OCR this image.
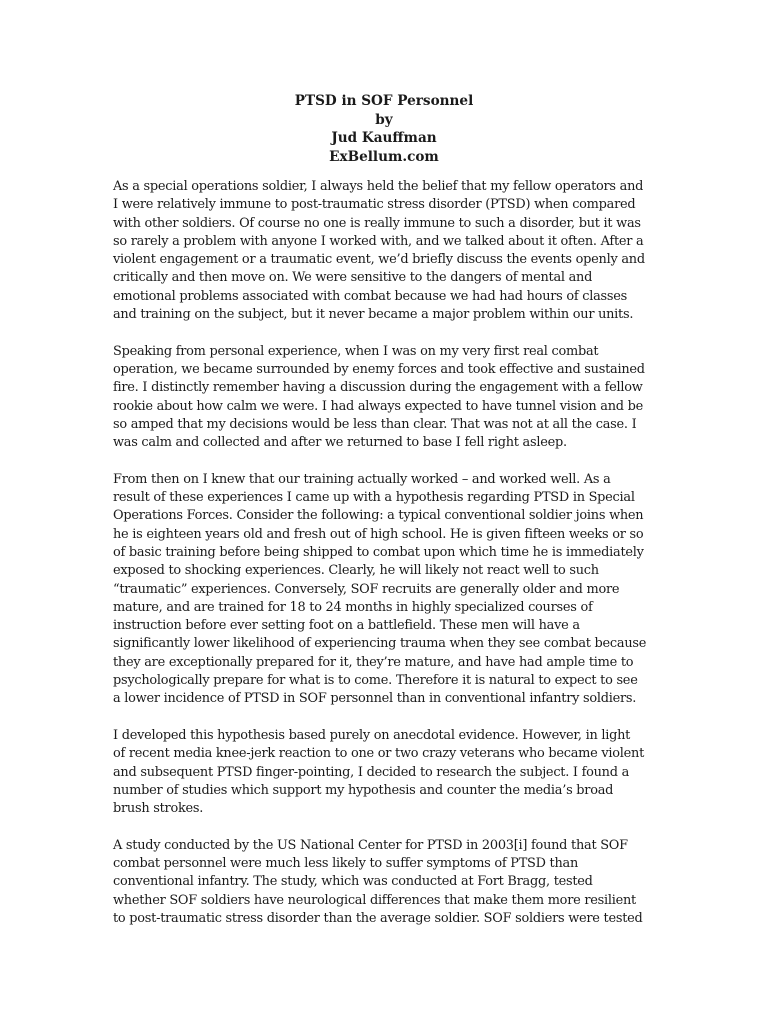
PTSD in SOF Personnel
by
Jud Kauffman
ExBellum.com

As a special operations soldier, I always held the belief that my fellow operators and
I were relatively immune to post-traumatic stress disorder (PTSD) when compared
with other soldiers. Of course no one is really immune to such a disorder, but it was
so rarely a problem with anyone I worked with, and we talked about it often. After a
violent engagement or a traumatic event, we’d briefly discuss the events openly and
critically and then move on. We were sensitive to the dangers of mental and
emotional problems associated with combat because we had had hours of classes
and training on the subject, but it never became a major problem within our units.

Speaking from personal experience, when I was on my very first real combat
operation, we became surrounded by enemy forces and took effective and sustained
fire. I distinctly remember having a discussion during the engagement with a fellow
rookie about how calm we were. I had always expected to have tunnel vision and be
so amped that my decisions would be less than clear. That was not at all the case. I
was calm and collected and after we returned to base I fell right asleep.

From then on I knew that our training actually worked – and worked well. As a
result of these experiences I came up with a hypothesis regarding PTSD in Special
Operations Forces. Consider the following: a typical conventional soldier joins when
he is eighteen years old and fresh out of high school. He is given fifteen weeks or so
of basic training before being shipped to combat upon which time he is immediately
exposed to shocking experiences. Clearly, he will likely not react well to such
“traumatic” experiences. Conversely, SOF recruits are generally older and more
mature, and are trained for 18 to 24 months in highly specialized courses of
instruction before ever setting foot on a battlefield. These men will have a
significantly lower likelihood of experiencing trauma when they see combat because
they are exceptionally prepared for it, they’re mature, and have had ample time to
psychologically prepare for what is to come. Therefore it is natural to expect to see
a lower incidence of PTSD in SOF personnel than in conventional infantry soldiers.

I developed this hypothesis based purely on anecdotal evidence. However, in light
of recent media knee-jerk reaction to one or two crazy veterans who became violent
and subsequent PTSD finger-pointing, I decided to research the subject. I found a
number of studies which support my hypothesis and counter the media’s broad
brush strokes.

A study conducted by the US National Center for PTSD in 2003[i] found that SOF
combat personnel were much less likely to suffer symptoms of PTSD than
conventional infantry. The study, which was conducted at Fort Bragg, tested
whether SOF soldiers have neurological differences that make them more resilient
to post-traumatic stress disorder than the average soldier. SOF soldiers were tested
